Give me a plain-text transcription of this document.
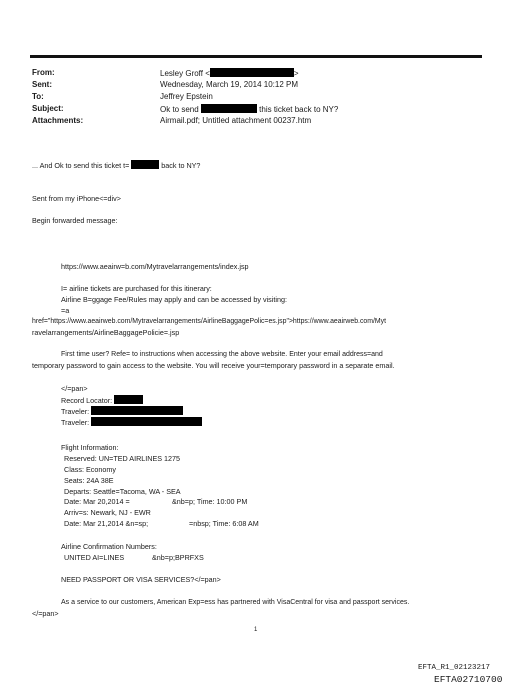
From:	Lesley Groff <	>
Sent:	Wednesday, March 19, 2014 10:12 PM
To:	Jeffrey Epstein
Subject:	Ok to send	this ticket back to NY?
Attachments:	Airmail.pdf; Untitled attachment 00237.htm
... And Ok to send this ticket t=	back to NY?
Sent from my iPhone<=div>
Begin forwarded message:
https://www.aeairw=b.com/Mytravelarrangements/index.jsp
I= airline tickets are purchased for this itinerary:
Airline B=ggage Fee/Rules may apply and can be accessed by visiting:
=a
href="https://www.aeairweb.com/Mytravelarrangements/AirlineBaggagePolic=es.jsp">https://www.aeairweb.com/Myt
ravelarrangements/AirlineBaggagePolicie=.jsp
First time user? Refe= to instructions when accessing the above website. Enter your email address=and
temporary password to gain access to the website. You will receive your=temporary password in a separate email.
</=pan>
Record Locator:
Traveler:
Traveler:
Flight Information:
Reserved: UN=TED AIRLINES 1275
Class: Economy
Seats: 24A 38E
Departs: Seattle=Tacoma, WA - SEA
Date: Mar 20,2014 =	&nb=p; Time: 10:00 PM
Arriv=s: Newark, NJ - EWR
Date: Mar 21,2014 &n=sp;	=nbsp; Time: 6:08 AM
Airline Confirmation Numbers:
UNITED AI=LINES	&nb=p;BPRFXS
NEED PASSPORT OR VISA SERVICES?</=pan>
As a service to our customers, American Exp=ess has partnered with VisaCentral for visa and passport services.
</=pan>
1
EFTA_R1_02123217
EFTA02710700
